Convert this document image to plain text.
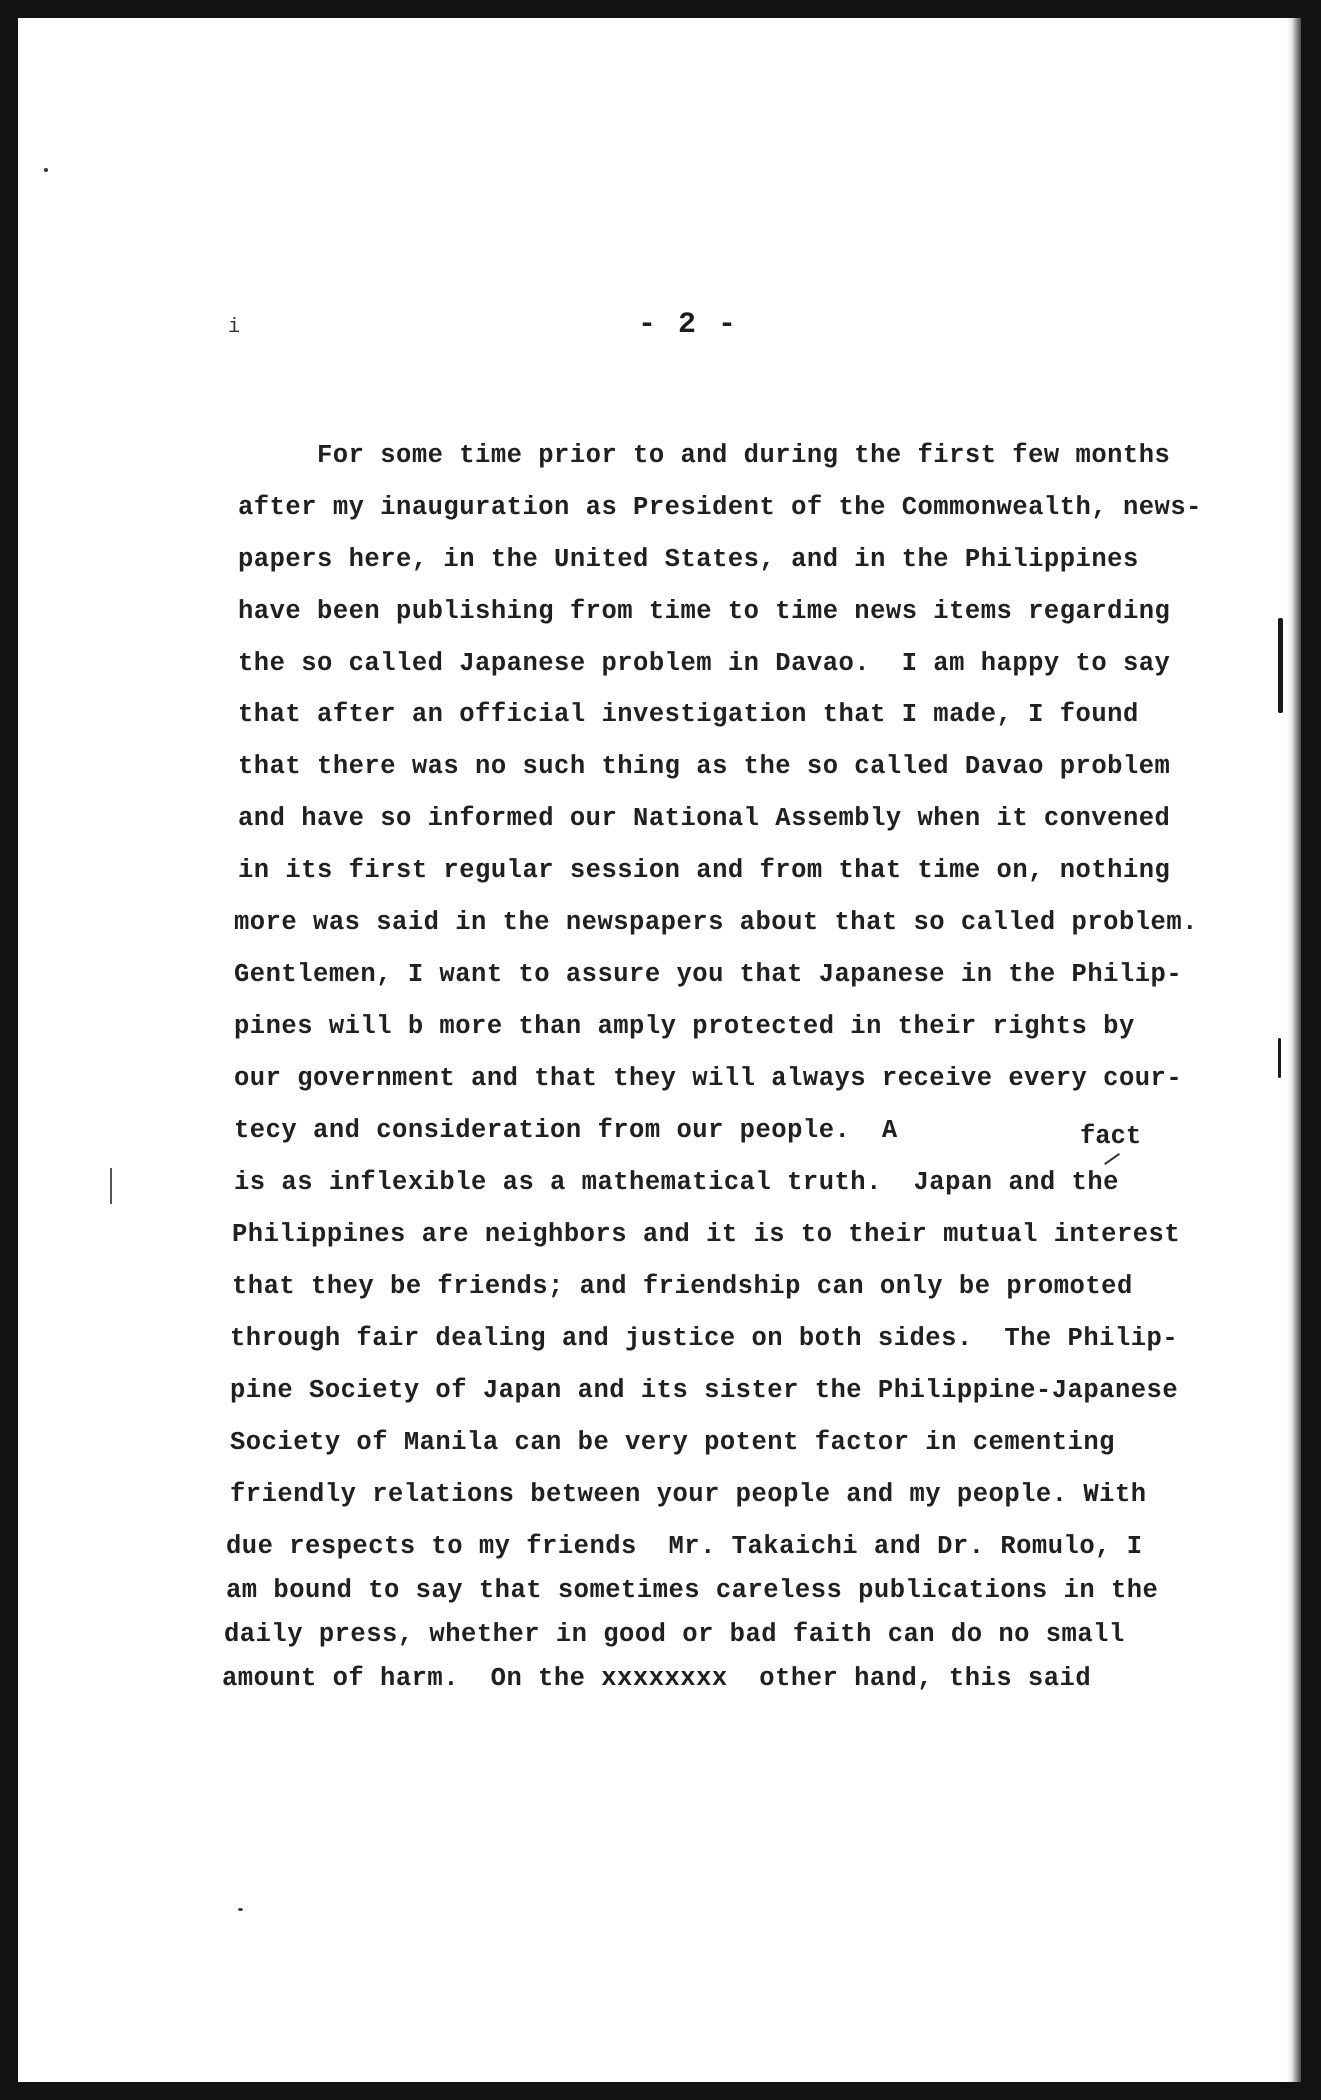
i	- 2 -
For some time prior to and during the first few months
after my inauguration as President of the Commonwealth, news-
papers here, in the United States, and in the Philippines
have been publishing from time to time news items regarding
the so called Japanese problem in Davao.  I am happy to say
that after an official investigation that I made, I found
that there was no such thing as the so called Davao problem
and have so informed our National Assembly when it convened
in its first regular session and from that time on, nothing
more was said in the newspapers about that so called problem.
Gentlemen, I want to assure you that Japanese in the Philip-
pines will b more than amply protected in their rights by
our government and that they will always receive every cour-
tecy and consideration from our people.  A
is as inflexible as a mathematical truth.  Japan and the
Philippines are neighbors and it is to their mutual interest
that they be friends; and friendship can only be promoted
through fair dealing and justice on both sides.  The Philip-
pine Society of Japan and its sister the Philippine-Japanese
Society of Manila can be very potent factor in cementing
friendly relations between your people and my people. With
due respects to my friends  Mr. Takaichi and Dr. Romulo, I
am bound to say that sometimes careless publications in the
daily press, whether in good or bad faith can do no small
amount of harm.  On the xxxxxxxx  other hand, this said
fact
